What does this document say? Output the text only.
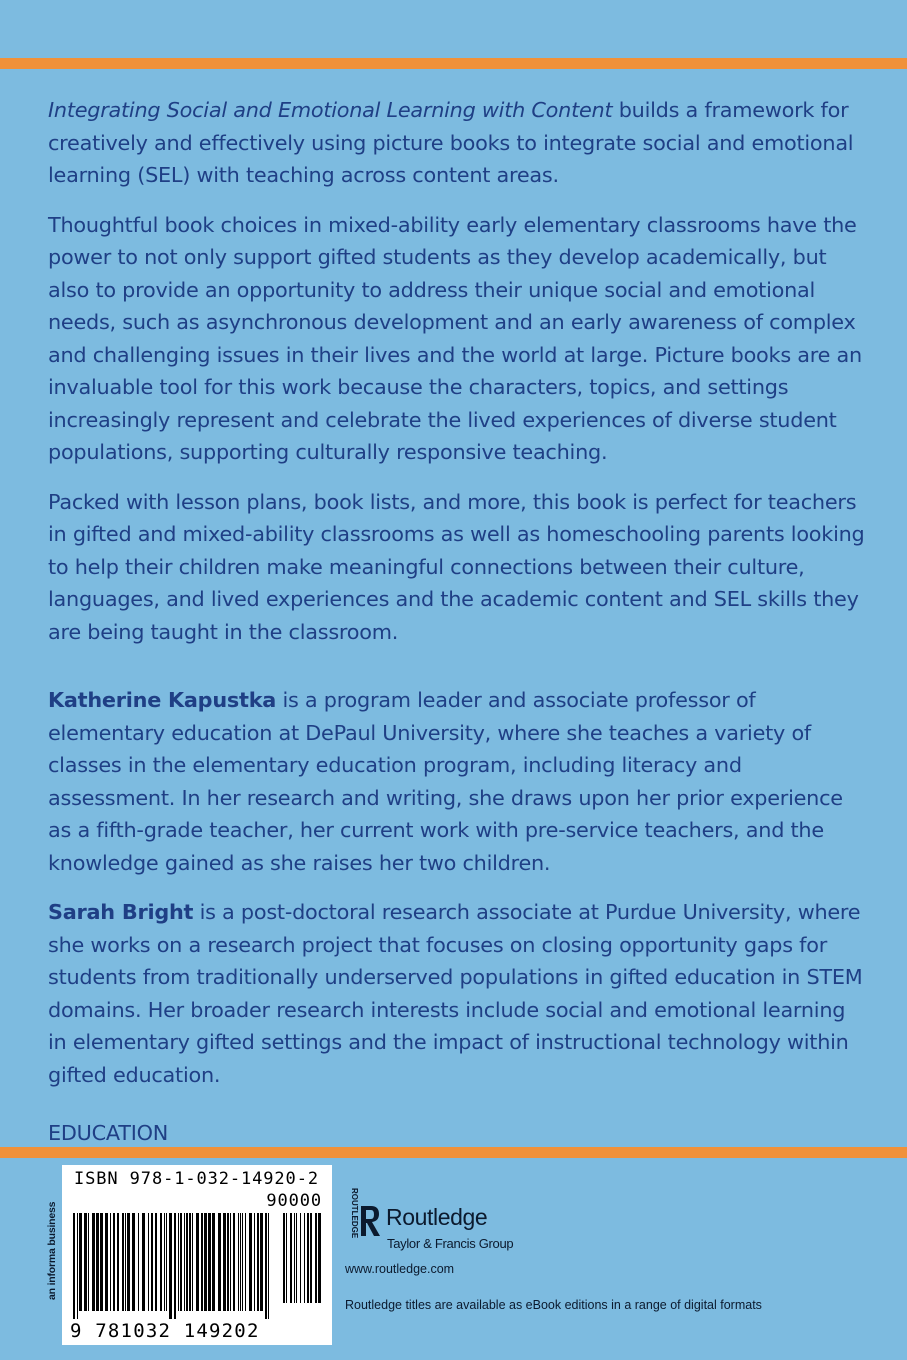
Integrating Social and Emotional Learning with Content builds a framework for creatively and effectively using picture books to integrate social and emotional learning (SEL) with teaching across content areas.

Thoughtful book choices in mixed-ability early elementary classrooms have the power to not only support gifted students as they develop academically, but also to provide an opportunity to address their unique social and emotional needs, such as asynchronous development and an early awareness of complex and challenging issues in their lives and the world at large. Picture books are an invaluable tool for this work because the characters, topics, and settings increasingly represent and celebrate the lived experiences of diverse student populations, supporting culturally responsive teaching.

Packed with lesson plans, book lists, and more, this book is perfect for teachers in gifted and mixed-ability classrooms as well as homeschooling parents looking to help their children make meaningful connections between their culture, languages, and lived experiences and the academic content and SEL skills they are being taught in the classroom.

Katherine Kapustka is a program leader and associate professor of elementary education at DePaul University, where she teaches a variety of classes in the elementary education program, including literacy and assessment. In her research and writing, she draws upon her prior experience as a fifth-grade teacher, her current work with pre-service teachers, and the knowledge gained as she raises her two children.

Sarah Bright is a post-doctoral research associate at Purdue University, where she works on a research project that focuses on closing opportunity gaps for students from traditionally underserved populations in gifted education in STEM domains. Her broader research interests include social and emotional learning in elementary gifted settings and the impact of instructional technology within gifted education.

EDUCATION

an informa business
ISBN 978-1-032-14920-2
90000
9 781032 149202
ROUTLEDGE Routledge
Taylor & Francis Group
www.routledge.com
Routledge titles are available as eBook editions in a range of digital formats
